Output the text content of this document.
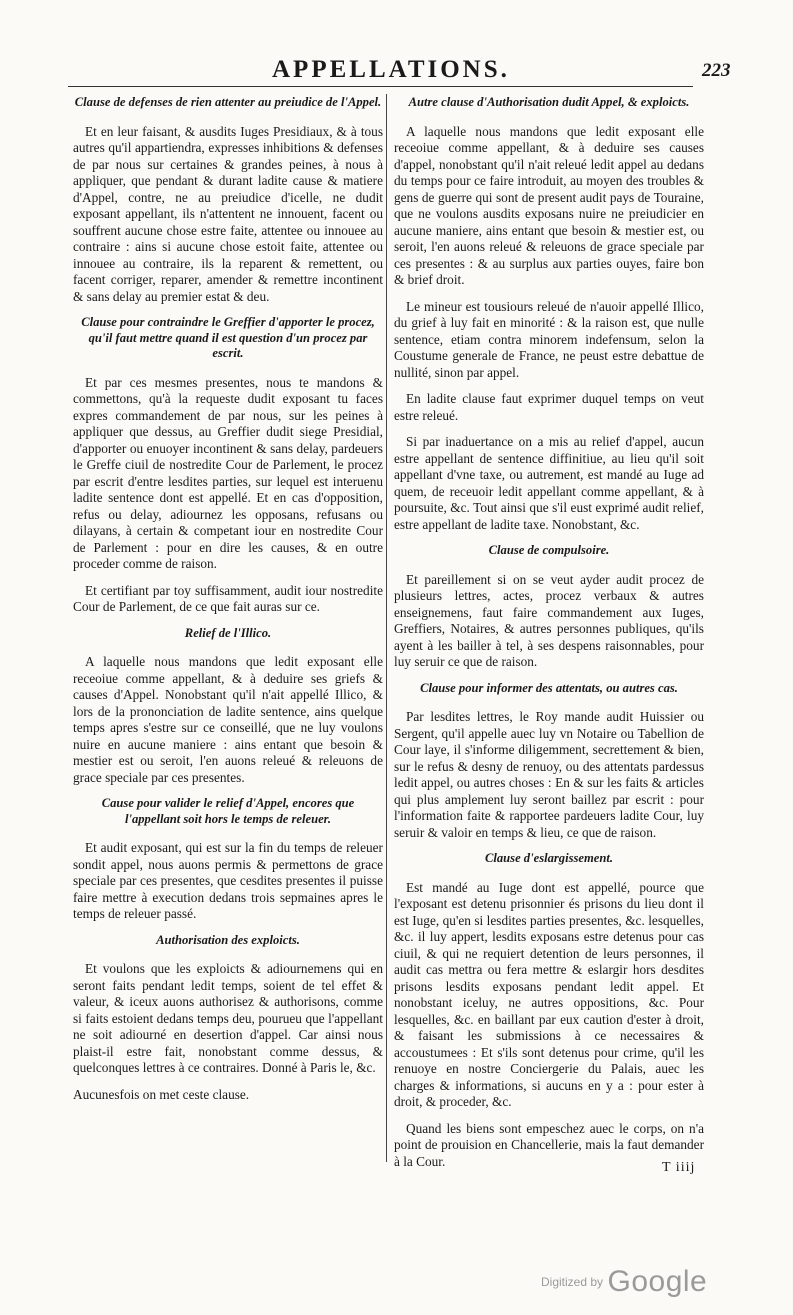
APPELLATIONS.	223
Clause de defenses de rien attenter au preiudice de l'Appel.

Et en leur faisant, & ausdits Iuges Presidiaux, & à tous autres qu'il appartiendra, expresses inhibitions & defenses de par nous sur certaines & grandes peines, à nous à appliquer, que pendant & durant ladite cause & matiere d'Appel, contre, ne au preiudice d'icelle, ne dudit exposant appellant, ils n'attentent ne innouent, facent ou souffrent aucune chose estre faite, attentee ou innouee au contraire : ains si aucune chose estoit faite, attentee ou innouee au contraire, ils la reparent & remettent, ou facent corriger, reparer, amender & remettre incontinent & sans delay au premier estat & deu.

Clause pour contraindre le Greffier d'apporter le procez, qu'il faut mettre quand il est question d'un procez par escrit.

Et par ces mesmes presentes, nous te mandons & commettons, qu'à la requeste dudit exposant tu faces expres commandement de par nous, sur les peines à appliquer que dessus, au Greffier dudit siege Presidial, d'apporter ou enuoyer incontinent & sans delay, pardeuers le Greffe ciuil de nostredite Cour de Parlement, le procez par escrit d'entre lesdites parties, sur lequel est interuenu ladite sentence dont est appellé. Et en cas d'opposition, refus ou delay, adiournez les opposans, refusans ou dilayans, à certain & competant iour en nostredite Cour de Parlement : pour en dire les causes, & en outre proceder comme de raison.

Et certifiant par toy suffisamment, audit iour nostredite Cour de Parlement, de ce que fait auras sur ce.

Relief de l'Illico.

A laquelle nous mandons que ledit exposant elle receoiue comme appellant, & à deduire ses griefs & causes d'Appel. Nonobstant qu'il n'ait appellé Illico, & lors de la prononciation de ladite sentence, ains quelque temps apres s'estre sur ce conseillé, que ne luy voulons nuire en aucune maniere : ains entant que besoin & mestier est ou seroit, l'en auons releué & releuons de grace speciale par ces presentes.

Cause pour valider le relief d'Appel, encores que l'appellant soit hors le temps de releuer.

Et audit exposant, qui est sur la fin du temps de releuer sondit appel, nous auons permis & permettons de grace speciale par ces presentes, que cesdites presentes il puisse faire mettre à execution dedans trois sepmaines apres le temps de releuer passé.

Authorisation des exploicts.

Et voulons que les exploicts & adiournemens qui en seront faits pendant ledit temps, soient de tel effet & valeur, & iceux auons authorisez & authorisons, comme si faits estoient dedans temps deu, pourueu que l'appellant ne soit adiourné en desertion d'appel. Car ainsi nous plaist-il estre fait, nonobstant comme dessus, & quelconques lettres à ce contraires. Donné à Paris le, &c.

Aucunesfois on met ceste clause.

Autre clause d'Authorisation dudit Appel, & exploicts.

A laquelle nous mandons que ledit exposant elle receoiue comme appellant, & à deduire ses causes d'appel, nonobstant qu'il n'ait releué ledit appel au dedans du temps pour ce faire introduit, au moyen des troubles & gens de guerre qui sont de present audit pays de Touraine, que ne voulons ausdits exposans nuire ne preiudicier en aucune maniere, ains entant que besoin & mestier est, ou seroit, l'en auons releué & releuons de grace speciale par ces presentes : & au surplus aux parties ouyes, faire bon & brief droit.

Le mineur est tousiours releué de n'auoir appellé Illico, du grief à luy fait en minorité : & la raison est, que nulle sentence, etiam contra minorem indefensum, selon la Coustume generale de France, ne peust estre debattue de nullité, sinon par appel.

En ladite clause faut exprimer duquel temps on veut estre releué.

Si par inaduertance on a mis au relief d'appel, aucun estre appellant de sentence diffinitiue, au lieu qu'il soit appellant d'vne taxe, ou autrement, est mandé au Iuge ad quem, de receuoir ledit appellant comme appellant, & à poursuite, &c. Tout ainsi que s'il eust exprimé audit relief, estre appellant de ladite taxe. Nonobstant, &c.

Clause de compulsoire.

Et pareillement si on se veut ayder audit procez de plusieurs lettres, actes, procez verbaux & autres enseignemens, faut faire commandement aux Iuges, Greffiers, Notaires, & autres personnes publiques, qu'ils ayent à les bailler à tel, à ses despens raisonnables, pour luy seruir ce que de raison.

Clause pour informer des attentats, ou autres cas.

Par lesdites lettres, le Roy mande audit Huissier ou Sergent, qu'il appelle auec luy vn Notaire ou Tabellion de Cour laye, il s'informe diligemment, secrettement & bien, sur le refus & desny de renuoy, ou des attentats pardessus ledit appel, ou autres choses : En & sur les faits & articles qui plus amplement luy seront baillez par escrit : pour l'information faite & rapportee pardeuers ladite Cour, luy seruir & valoir en temps & lieu, ce que de raison.

Clause d'eslargissement.

Est mandé au Iuge dont est appellé, pource que l'exposant est detenu prisonnier és prisons du lieu dont il est Iuge, qu'en si lesdites parties presentes, &c. lesquelles, &c. il luy appert, lesdits exposans estre detenus pour cas ciuil, & qui ne requiert detention de leurs personnes, il audit cas mettra ou fera mettre & eslargir hors desdites prisons lesdits exposans pendant ledit appel. Et nonobstant iceluy, ne autres oppositions, &c. Pour lesquelles, &c. en baillant par eux caution d'ester à droit, & faisant les submissions à ce necessaires & accoustumees : Et s'ils sont detenus pour crime, qu'il les renuoye en nostre Conciergerie du Palais, auec les charges & informations, si aucuns en y a : pour ester à droit, & proceder, &c.

Quand les biens sont empeschez auec le corps, on n'a point de prouision en Chancellerie, mais la faut demander à la Cour.	T iiij
Digitized by Google
